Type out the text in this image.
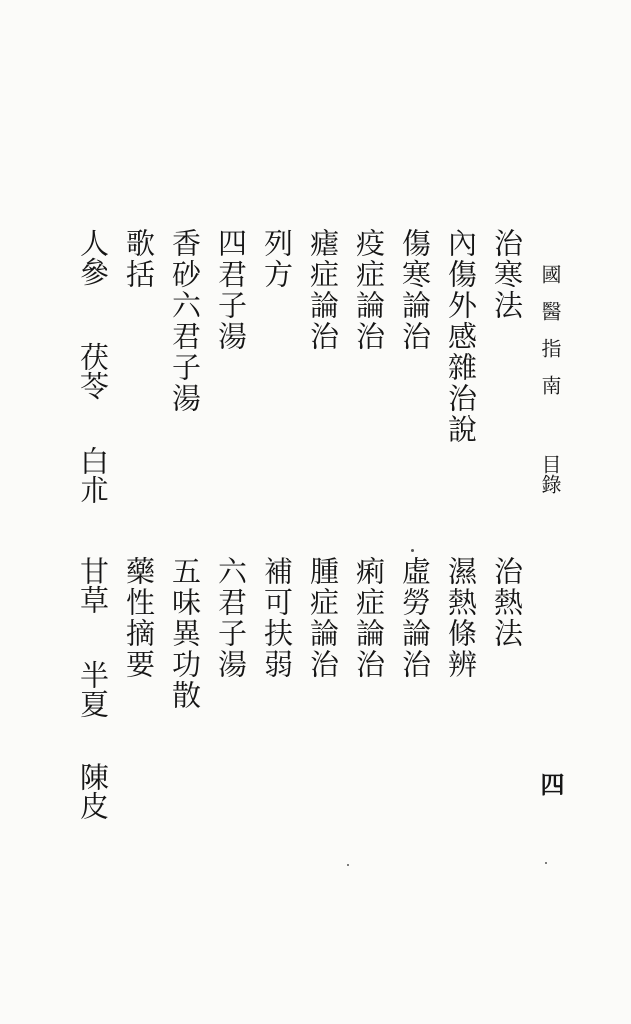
國醫指南
目錄
四
治寒法
內傷外感雜治說
傷寒論治
疫症論治
瘧症論治
列方
四君子湯
香砂六君子湯
歌括
治熱法
濕熱條辨
虛勞論治
痢症論治
腫症論治
補可扶弱
六君子湯
五味異功散
藥性摘要
人參
茯苓
白朮
甘草
半夏
陳皮
